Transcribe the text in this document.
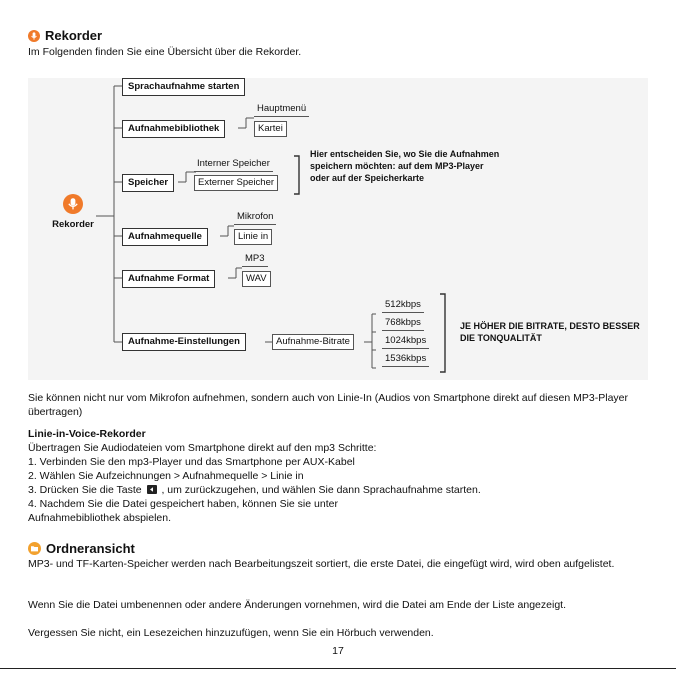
Rekorder
Im Folgenden finden Sie eine Übersicht über die Rekorder.
Rekorder
Sprachaufnahme starten
Aufnahmebibliothek
Hauptmenü
Kartei
Speicher
Interner Speicher
Externer Speicher
Hier entscheiden Sie, wo Sie die Aufnahmen speichern möchten: auf dem MP3-Player oder auf der Speicherkarte
Aufnahmequelle
Mikrofon
Linie in
Aufnahme Format
MP3
WAV
Aufnahme-Einstellungen	Aufnahme-Bitrate
512kbps
768kbps
1024kbps
1536kbps
JE HÖHER DIE BITRATE, DESTO BESSER DIE TONQUALITÄT
Sie können nicht nur vom Mikrofon aufnehmen, sondern auch von Linie-In (Audios von Smartphone direkt auf diesen MP3-Player übertragen)
Linie-in-Voice-Rekorder
Übertragen Sie Audiodateien vom Smartphone direkt auf den mp3 Schritte:
1. Verbinden Sie den mp3-Player und das Smartphone per AUX-Kabel
2. Wählen Sie Aufzeichnungen > Aufnahmequelle > Linie in
3. Drücken Sie die Taste , um zurückzugehen, und wählen Sie dann Sprachaufnahme starten.
4. Nachdem Sie die Datei gespeichert haben, können Sie sie unter
Aufnahmebibliothek abspielen.
Ordneransicht
MP3- und TF-Karten-Speicher werden nach Bearbeitungszeit sortiert, die erste Datei, die eingefügt wird, wird oben aufgelistet.
Wenn Sie die Datei umbenennen oder andere Änderungen vornehmen, wird die Datei am Ende der Liste angezeigt.
Vergessen Sie nicht, ein Lesezeichen hinzuzufügen, wenn Sie ein Hörbuch verwenden.
17
